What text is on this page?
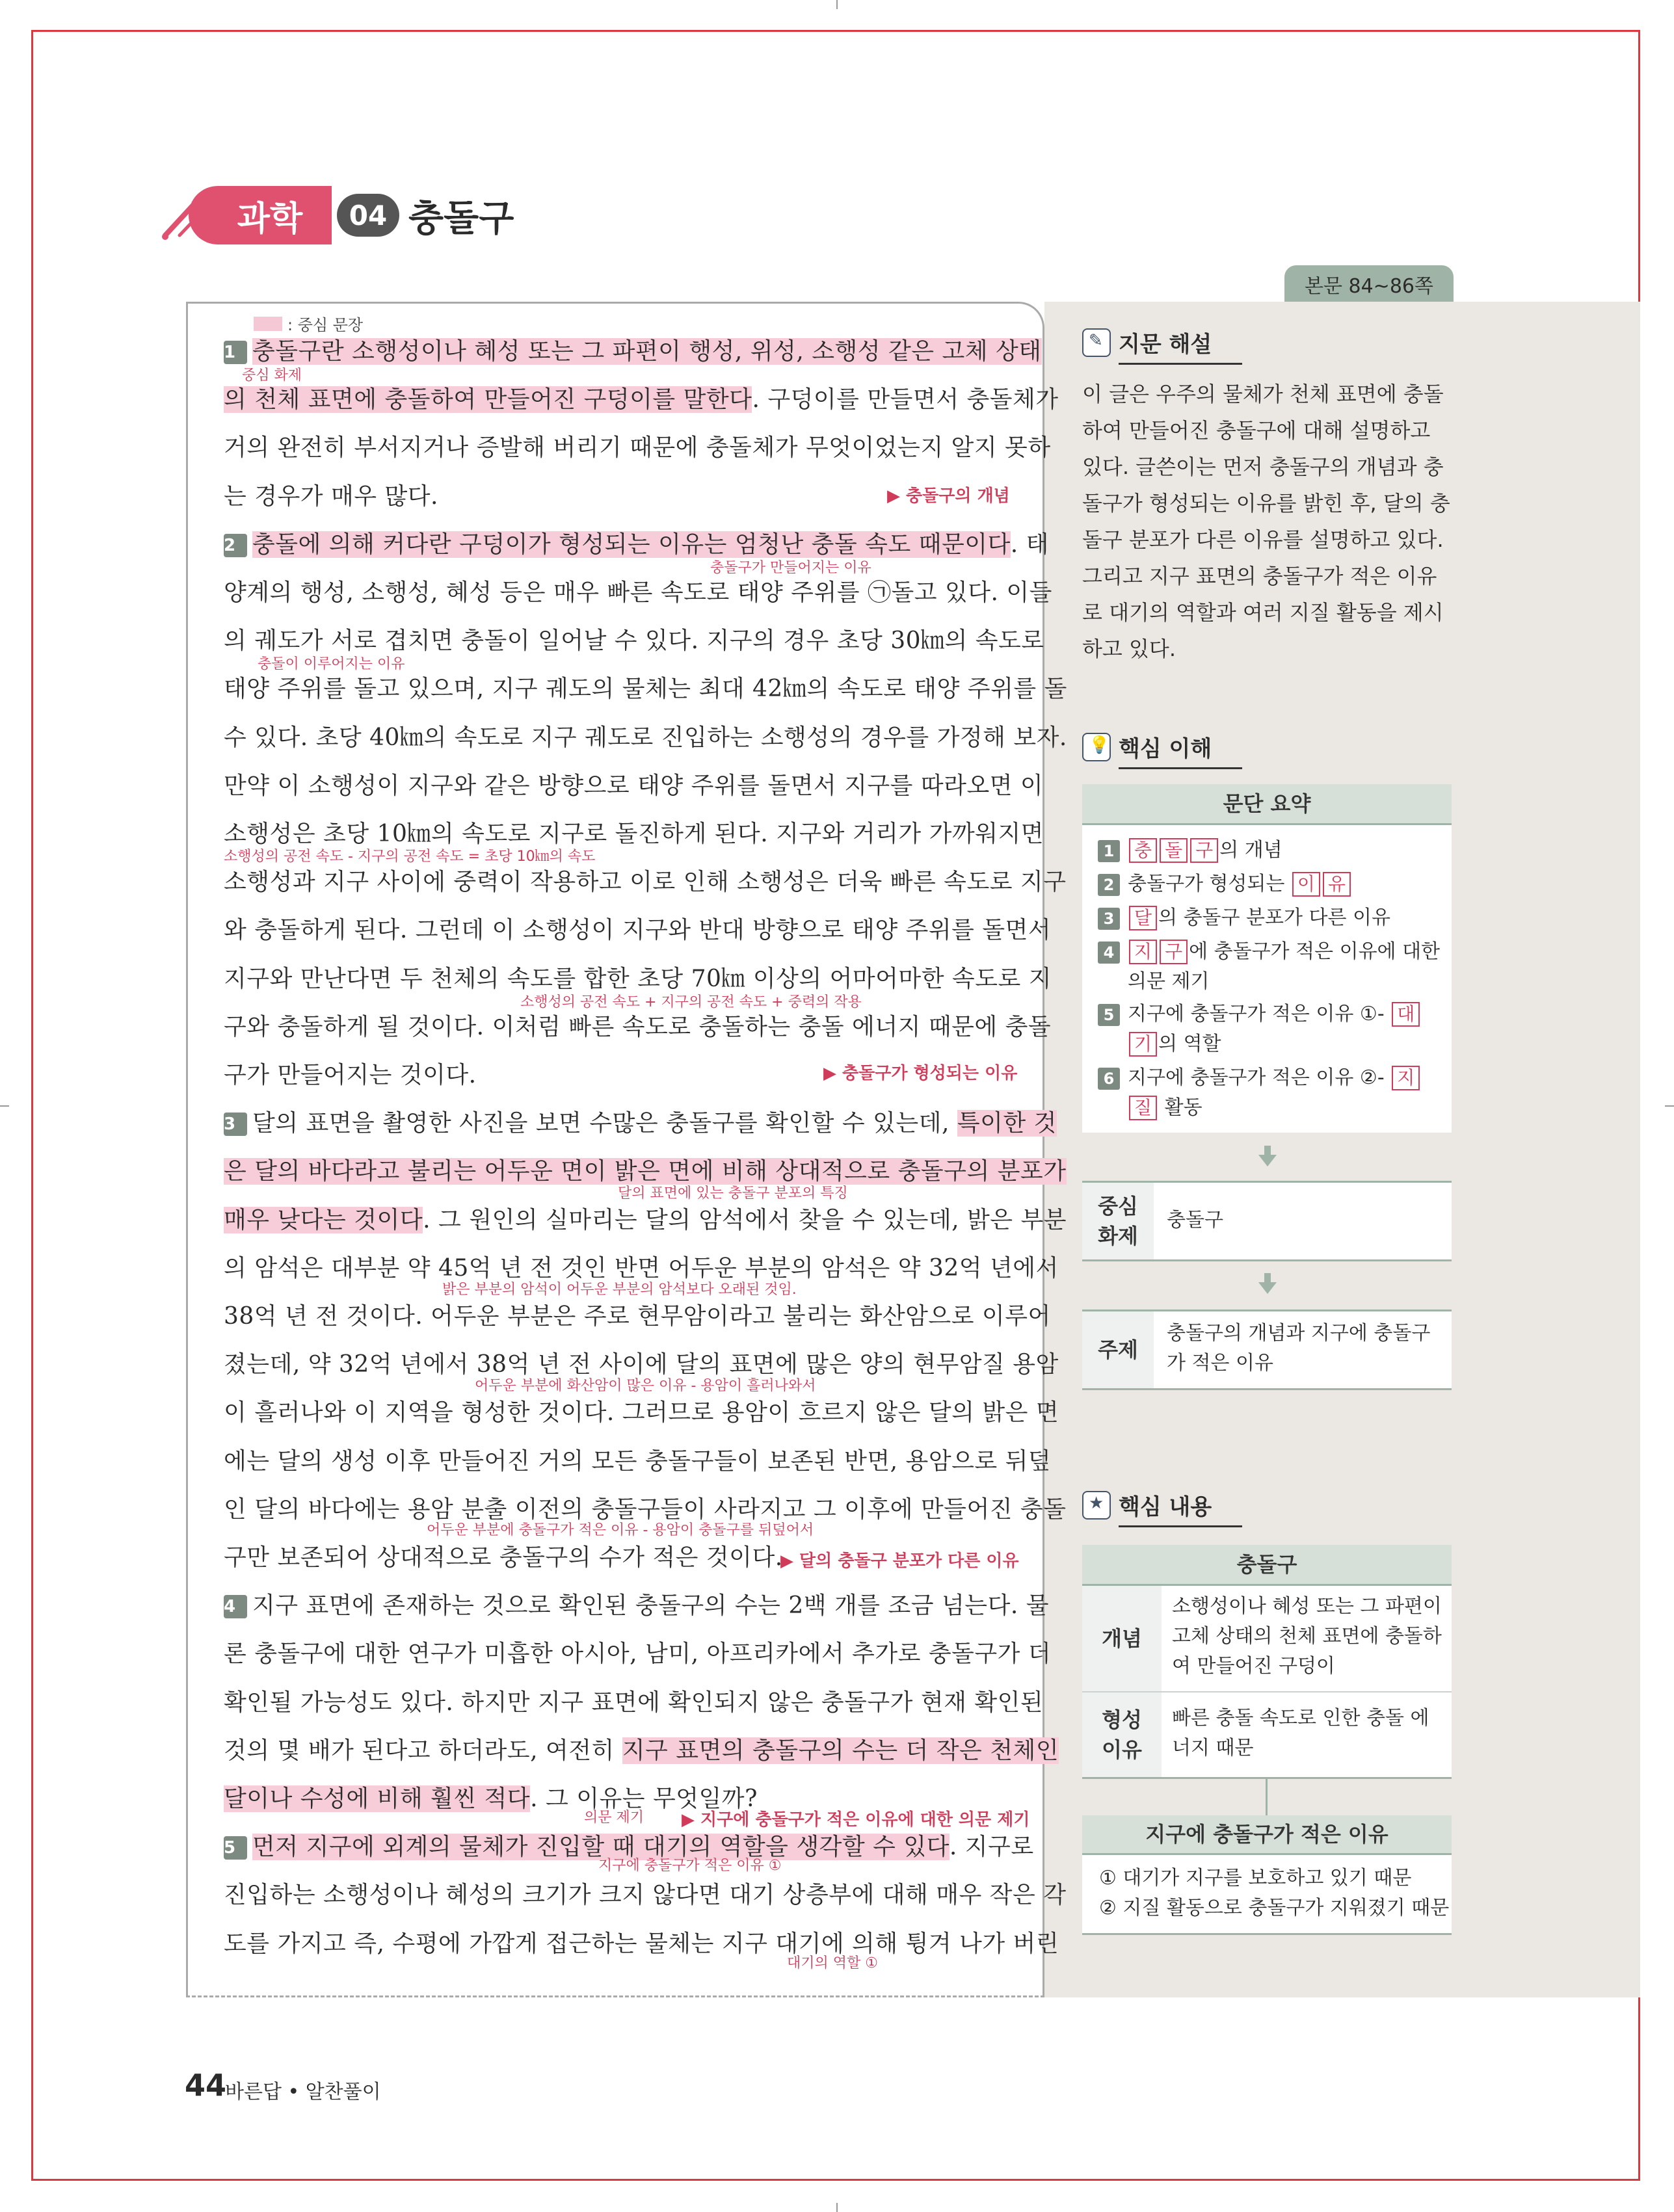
과학	04 충돌구
본문 84~86쪽
: 중심 문장
1 충돌구란 소행성이나 혜성 또는 그 파편이 행성, 위성, 소행성 같은 고체 상태
의 천체 표면에 충돌하여 만들어진 구덩이를 말한다. 구덩이를 만들면서 충돌체가
거의 완전히 부서지거나 증발해 버리기 때문에 충돌체가 무엇이었는지 알지 못하
는 경우가 매우 많다.
2 충돌에 의해 커다란 구덩이가 형성되는 이유는 엄청난 충돌 속도 때문이다. 태
양계의 행성, 소행성, 혜성 등은 매우 빠른 속도로 태양 주위를 ㉠돌고 있다. 이들
의 궤도가 서로 겹치면 충돌이 일어날 수 있다. 지구의 경우 초당 30㎞의 속도로
태양 주위를 돌고 있으며, 지구 궤도의 물체는 최대 42㎞의 속도로 태양 주위를 돌
수 있다. 초당 40㎞의 속도로 지구 궤도로 진입하는 소행성의 경우를 가정해 보자.
만약 이 소행성이 지구와 같은 방향으로 태양 주위를 돌면서 지구를 따라오면 이
소행성은 초당 10㎞의 속도로 지구로 돌진하게 된다. 지구와 거리가 가까워지면
소행성과 지구 사이에 중력이 작용하고 이로 인해 소행성은 더욱 빠른 속도로 지구
와 충돌하게 된다. 그런데 이 소행성이 지구와 반대 방향으로 태양 주위를 돌면서
지구와 만난다면 두 천체의 속도를 합한 초당 70㎞ 이상의 어마어마한 속도로 지
구와 충돌하게 될 것이다. 이처럼 빠른 속도로 충돌하는 충돌 에너지 때문에 충돌
구가 만들어지는 것이다.
3 달의 표면을 촬영한 사진을 보면 수많은 충돌구를 확인할 수 있는데, 특이한 것
은 달의 바다라고 불리는 어두운 면이 밝은 면에 비해 상대적으로 충돌구의 분포가
매우 낮다는 것이다. 그 원인의 실마리는 달의 암석에서 찾을 수 있는데, 밝은 부분
의 암석은 대부분 약 45억 년 전 것인 반면 어두운 부분의 암석은 약 32억 년에서
38억 년 전 것이다. 어두운 부분은 주로 현무암이라고 불리는 화산암으로 이루어
졌는데, 약 32억 년에서 38억 년 전 사이에 달의 표면에 많은 양의 현무암질 용암
이 흘러나와 이 지역을 형성한 것이다. 그러므로 용암이 흐르지 않은 달의 밝은 면
에는 달의 생성 이후 만들어진 거의 모든 충돌구들이 보존된 반면, 용암으로 뒤덮
인 달의 바다에는 용암 분출 이전의 충돌구들이 사라지고 그 이후에 만들어진 충돌
구만 보존되어 상대적으로 충돌구의 수가 적은 것이다.
4 지구 표면에 존재하는 것으로 확인된 충돌구의 수는 2백 개를 조금 넘는다. 물
론 충돌구에 대한 연구가 미흡한 아시아, 남미, 아프리카에서 추가로 충돌구가 더
확인될 가능성도 있다. 하지만 지구 표면에 확인되지 않은 충돌구가 현재 확인된
것의 몇 배가 된다고 하더라도, 여전히 지구 표면의 충돌구의 수는 더 작은 천체인
달이나 수성에 비해 훨씬 적다. 그 이유는 무엇일까?
5 먼저 지구에 외계의 물체가 진입할 때 대기의 역할을 생각할 수 있다. 지구로
진입하는 소행성이나 혜성의 크기가 크지 않다면 대기 상층부에 대해 매우 작은 각
도를 가지고 즉, 수평에 가깝게 접근하는 물체는 지구 대기에 의해 튕겨 나가 버린
중심 화제
충돌구가 만들어지는 이유
충돌이 이루어지는 이유
소행성의 공전 속도 - 지구의 공전 속도 = 초당 10㎞의 속도
소행성의 공전 속도 + 지구의 공전 속도 + 중력의 작용
달의 표면에 있는 충돌구 분포의 특징
밝은 부분의 암석이 어두운 부분의 암석보다 오래된 것임.
어두운 부분에 화산암이 많은 이유 - 용암이 흘러나와서
어두운 부분에 충돌구가 적은 이유 - 용암이 충돌구를 뒤덮어서
의문 제기
지구에 충돌구가 적은 이유 ①
대기의 역할 ①
▶ 충돌구의 개념
▶ 충돌구가 형성되는 이유
▶ 달의 충돌구 분포가 다른 이유
▶ 지구에 충돌구가 적은 이유에 대한 의문 제기
✎ 지문 해설
이 글은 우주의 물체가 천체 표면에 충돌하여 만들어진 충돌구에 대해 설명하고 있다. 글쓴이는 먼저 충돌구의 개념과 충돌구가 형성되는 이유를 밝힌 후, 달의 충돌구 분포가 다른 이유를 설명하고 있다. 그리고 지구 표면의 충돌구가 적은 이유로 대기의 역할과 여러 지질 활동을 제시하고 있다.
💡 핵심 이해
문단 요약
1 충 돌 구 의 개념
2 충돌구가 형성되는 이 유
3 달 의 충돌구 분포가 다른 이유
4 지 구 에 충돌구가 적은 이유에 대한
의문 제기
5 지구에 충돌구가 적은 이유 ①- 대
기 의 역할
6 지구에 충돌구가 적은 이유 ②- 지
질 활동
중심
화제
충돌구
주제
충돌구의 개념과 지구에 충돌구가 적은 이유
★ 핵심 내용
충돌구
개념
소행성이나 혜성 또는 그 파편이 고체 상태의 천체 표면에 충돌하여 만들어진 구덩이
형성
이유
빠른 충돌 속도로 인한 충돌 에너지 때문
지구에 충돌구가 적은 이유
① 대기가 지구를 보호하고 있기 때문
② 지질 활동으로 충돌구가 지워졌기 때문
44
바른답 • 알찬풀이
